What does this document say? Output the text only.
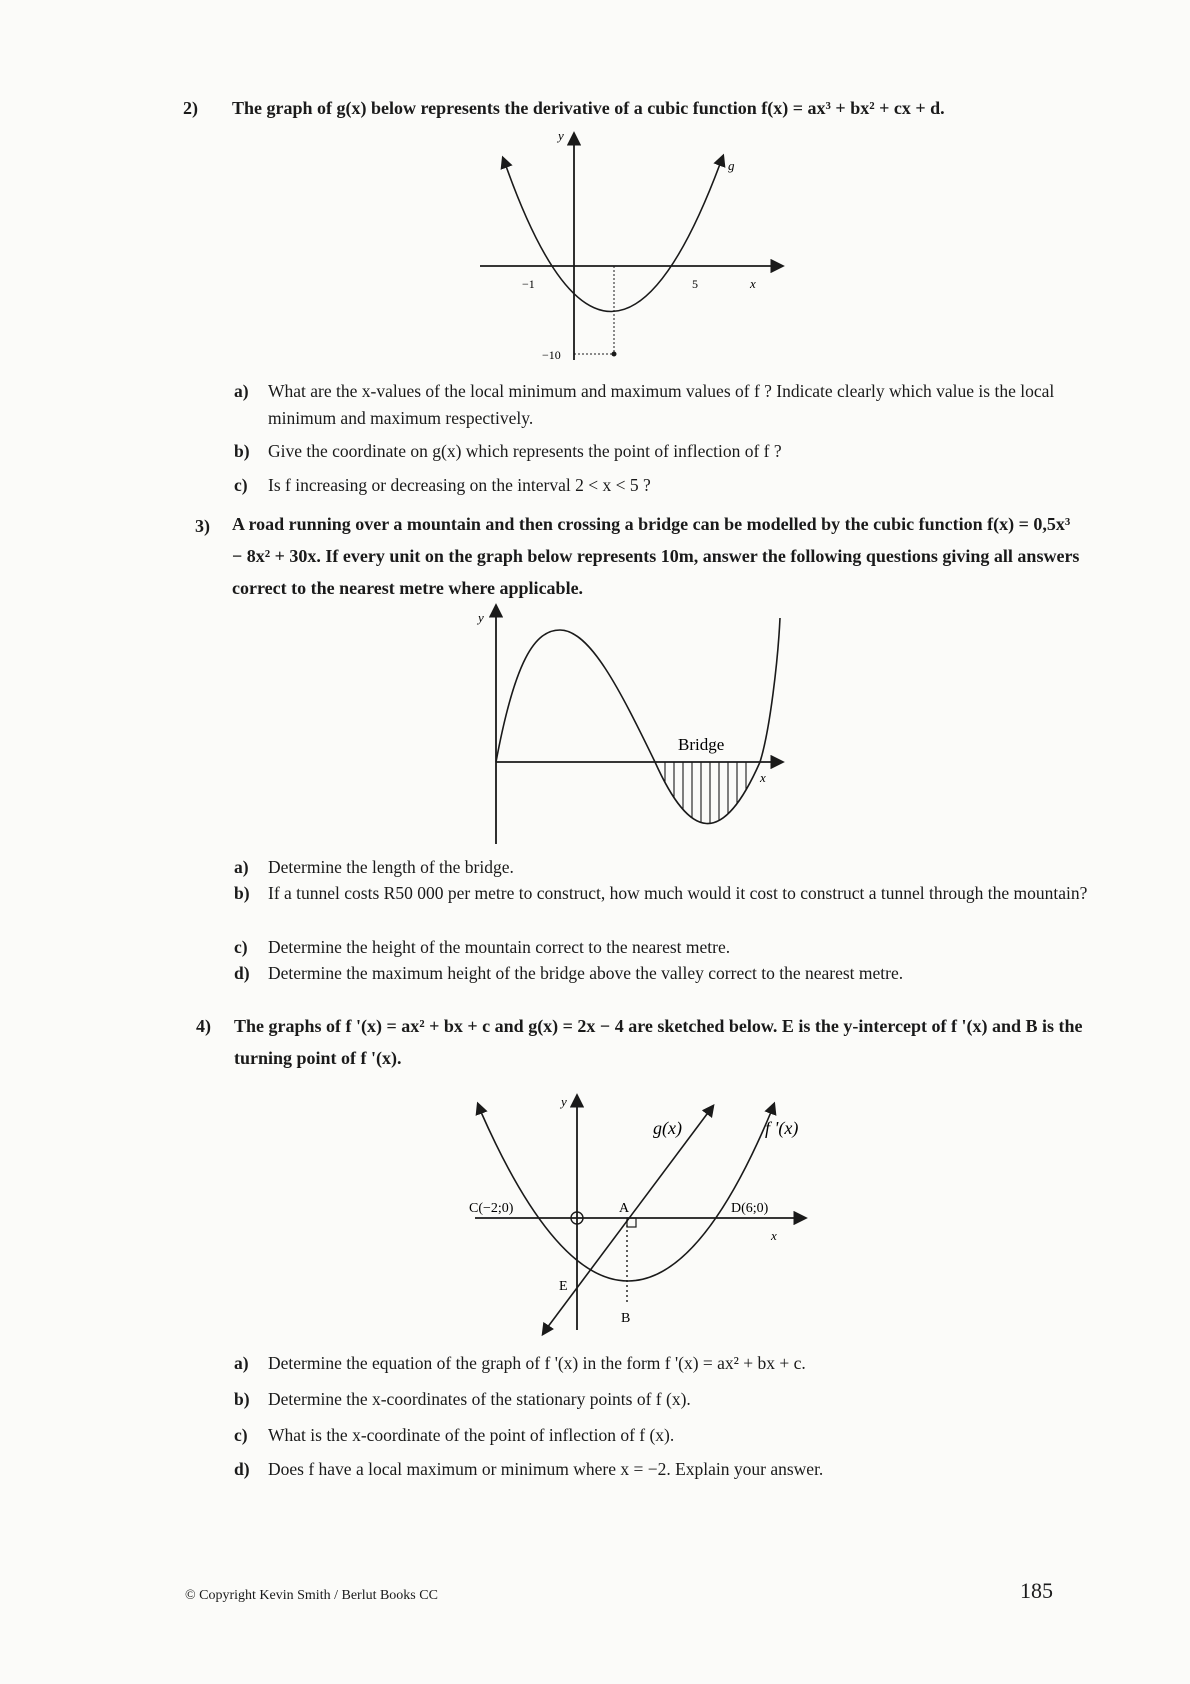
2) The graph of g(x) below represents the derivative of a cubic function f(x) = ax³ + bx² + cx + d.
y
x
g
−1	5
−10
a) What are the x-values of the local minimum and maximum values of f ? Indicate clearly which value is the local minimum and maximum respectively.
b) Give the coordinate on g(x) which represents the point of inflection of f ?
c) Is f increasing or decreasing on the interval 2 < x < 5 ?
3) A road running over a mountain and then crossing a bridge can be modelled by the cubic function f(x) = 0,5x³ − 8x² + 30x. If every unit on the graph below represents 10m, answer the following questions giving all answers correct to the nearest metre where applicable.
y
x
Bridge
a) Determine the length of the bridge.
b) If a tunnel costs R50 000 per metre to construct, how much would it cost to construct a tunnel through the mountain?
c) Determine the height of the mountain correct to the nearest metre.
d) Determine the maximum height of the bridge above the valley correct to the nearest metre.
4) The graphs of f '(x) = ax² + bx + c and g(x) = 2x − 4 are sketched below. E is the y-intercept of f '(x) and B is the turning point of f '(x).
y
x
g(x)	f '(x)
C(−2;0)	D(6;0)
A
E
B
a) Determine the equation of the graph of f '(x) in the form f '(x) = ax² + bx + c.
b) Determine the x-coordinates of the stationary points of f (x).
c) What is the x-coordinate of the point of inflection of f (x).
d) Does f have a local maximum or minimum where x = −2. Explain your answer.
© Copyright Kevin Smith / Berlut Books CC	185
